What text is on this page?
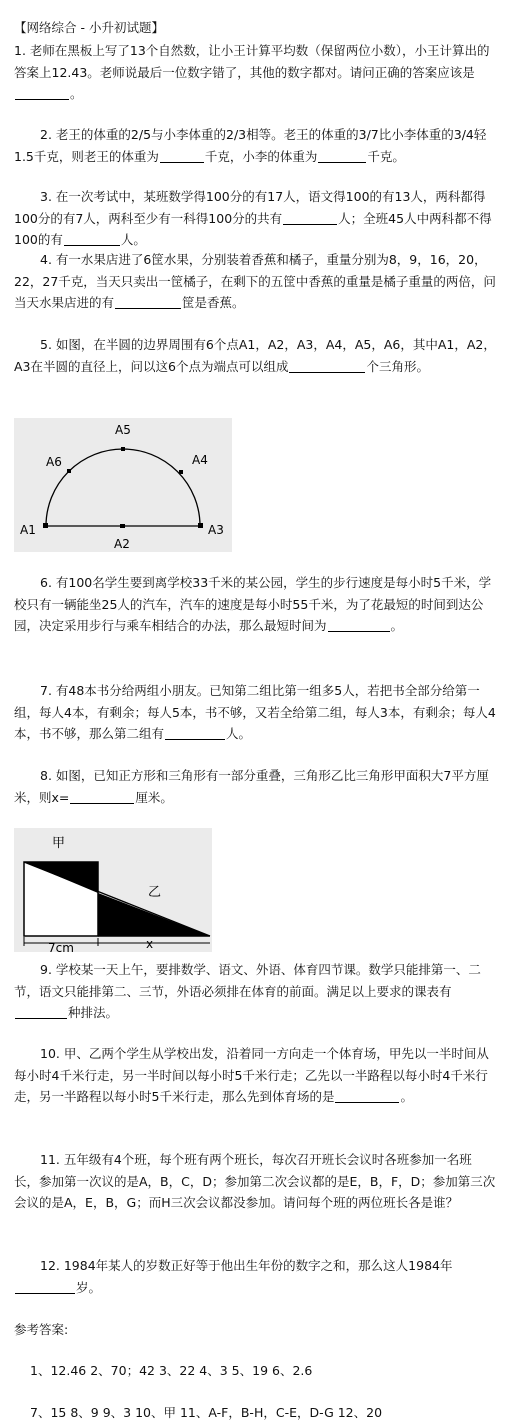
【网络综合 - 小升初试题】
1. 老师在黑板上写了13个自然数，让小王计算平均数（保留两位小数），小王计算出的答案上12.43。老师说最后一位数字错了，其他的数字都对。请问正确的答案应该是。
2. 老王的体重的2/5与小李体重的2/3相等。老王的体重的3/7比小李体重的3/4轻1.5千克，则老王的体重为	千克，小李的体重为	千克。
3. 在一次考试中，某班数学得100分的有17人，语文得100的有13人，两科都得100分的有7人，两科至少有一科得100分的共有	人；全班45人中两科都不得100的有	人。
4. 有一水果店进了6筐水果，分别装着香蕉和橘子，重量分别为8，9，16，20，22，27千克，当天只卖出一筐橘子，在剩下的五筐中香蕉的重量是橘子重量的两倍，问当天水果店进的有	筐是香蕉。
5. 如图，在半圆的边界周围有6个点A1，A2，A3，A4，A5，A6，其中A1，A2，A3在半圆的直径上，问以这6个点为端点可以组成	个三角形。
A1
A2
A3
A4
A5
A6
6. 有100名学生要到离学校33千米的某公园，学生的步行速度是每小时5千米，学校只有一辆能坐25人的汽车，汽车的速度是每小时55千米，为了花最短的时间到达公园，决定采用步行与乘车相结合的办法，那么最短时间为	。
7. 有48本书分给两组小朋友。已知第二组比第一组多5人，若把书全部分给第一组，每人4本，有剩余；每人5本，书不够，又若全给第二组，每人3本，有剩余；每人4本，书不够，那么第二组有	人。
8. 如图，已知正方形和三角形有一部分重叠，三角形乙比三角形甲面积大7平方厘米，则x=	厘米。
甲
乙
7cm	x
9. 学校某一天上午，要排数学、语文、外语、体育四节课。数学只能排第一、二节，语文只能排第二、三节，外语必须排在体育的前面。满足以上要求的课表有种排法。
10. 甲、乙两个学生从学校出发，沿着同一方向走一个体育场，甲先以一半时间从每小时4千米行走，另一半时间以每小时5千米行走；乙先以一半路程以每小时4千米行走，另一半路程以每小时5千米行走，那么先到体育场的是	。
11. 五年级有4个班，每个班有两个班长，每次召开班长会议时各班参加一名班长，参加第一次议的是A，B，C，D；参加第二次会议都的是E，B，F，D；参加第三次会议的是A，E，B，G；而H三次会议都没参加。请问每个班的两位班长各是谁？
12. 1984年某人的岁数正好等于他出生年份的数字之和，那么这人1984年岁。
参考答案:
1、12.46 2、70；42 3、22 4、3 5、19 6、2.6
7、15 8、9 9、3 10、甲 11、A-F，B-H，C-E，D-G 12、20
